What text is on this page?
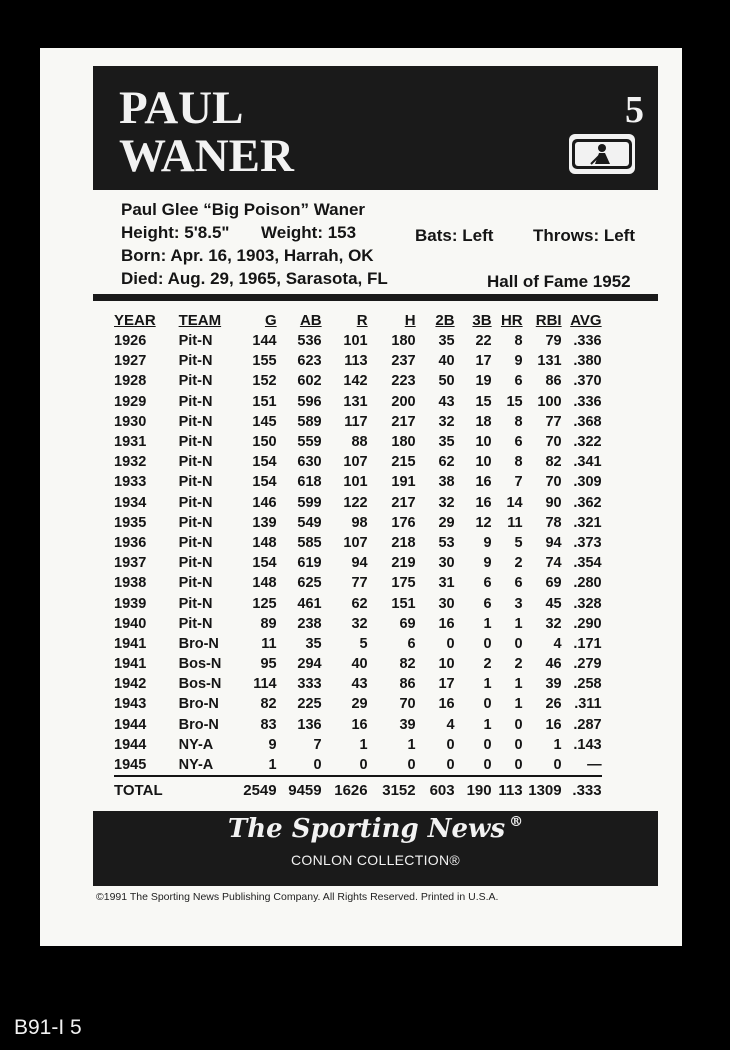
PAUL
WANER
5
Paul Glee “Big Poison” Waner
Height: 5'8.5" Weight: 153	Bats: Left Throws: Left
Born: Apr. 16, 1903, Harrah, OK
Died: Aug. 29, 1965, Sarasota, FL	Hall of Fame 1952
YEAR	TEAM	G	AB	R	H	2B	3B	HR	RBI	AVG
1926	Pit-N	144	536	101	180	35	22	8	79	.336
1927	Pit-N	155	623	113	237	40	17	9	131	.380
1928	Pit-N	152	602	142	223	50	19	6	86	.370
1929	Pit-N	151	596	131	200	43	15	15	100	.336
1930	Pit-N	145	589	117	217	32	18	8	77	.368
1931	Pit-N	150	559	88	180	35	10	6	70	.322
1932	Pit-N	154	630	107	215	62	10	8	82	.341
1933	Pit-N	154	618	101	191	38	16	7	70	.309
1934	Pit-N	146	599	122	217	32	16	14	90	.362
1935	Pit-N	139	549	98	176	29	12	11	78	.321
1936	Pit-N	148	585	107	218	53	9	5	94	.373
1937	Pit-N	154	619	94	219	30	9	2	74	.354
1938	Pit-N	148	625	77	175	31	6	6	69	.280
1939	Pit-N	125	461	62	151	30	6	3	45	.328
1940	Pit-N	89	238	32	69	16	1	1	32	.290
1941	Bro-N	11	35	5	6	0	0	0	4	.171
1941	Bos-N	95	294	40	82	10	2	2	46	.279
1942	Bos-N	114	333	43	86	17	1	1	39	.258
1943	Bro-N	82	225	29	70	16	0	1	26	.311
1944	Bro-N	83	136	16	39	4	1	0	16	.287
1944	NY-A	9	7	1	1	0	0	0	1	.143
1945	NY-A	1	0	0	0	0	0	0	0	—
TOTAL		2549	9459	1626	3152	603	190	113	1309	.333
The Sporting News ®
CONLON COLLECTION®
©1991 The Sporting News Publishing Company. All Rights Reserved. Printed in U.S.A.
B91-I 5
